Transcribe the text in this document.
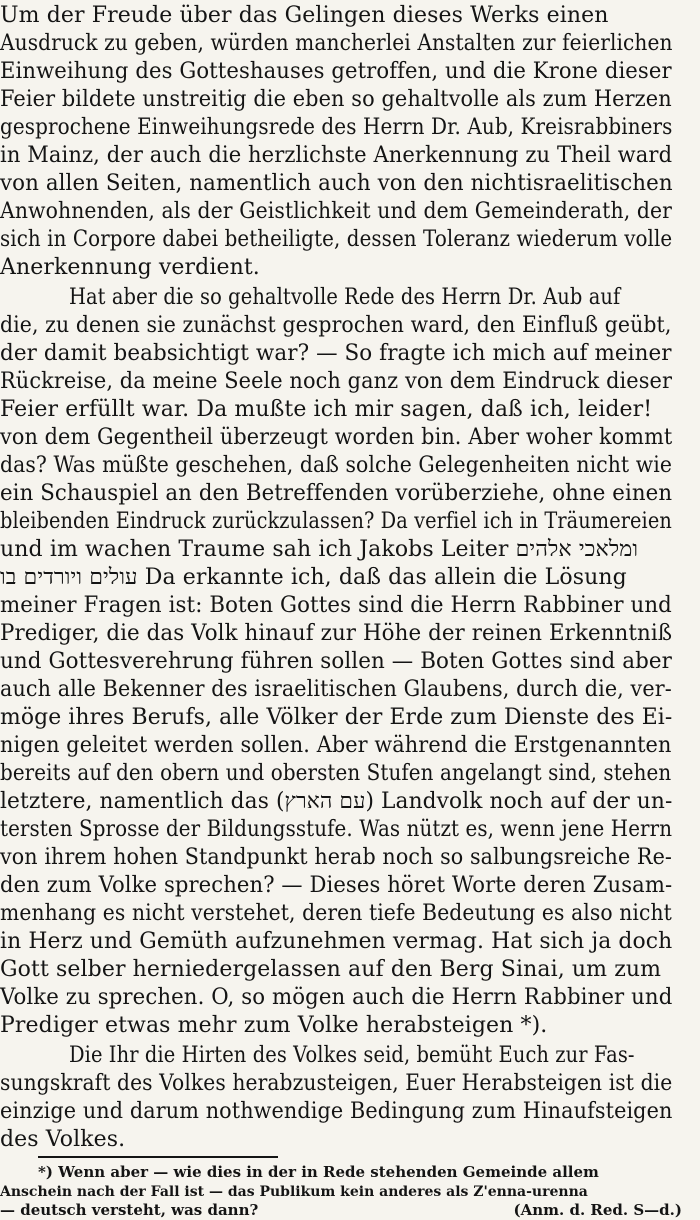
Um der Freude über das Gelingen dieses Werks einen
Ausdruck zu geben, würden mancherlei Anstalten zur feierlichen
Einweihung des Gotteshauses getroffen, und die Krone dieser
Feier bildete unstreitig die eben so gehaltvolle als zum Herzen
gesprochene Einweihungsrede des Herrn Dr. Aub, Kreisrabbiners
in Mainz, der auch die herzlichste Anerkennung zu Theil ward
von allen Seiten, namentlich auch von den nichtisraelitischen
Anwohnenden, als der Geistlichkeit und dem Gemeinderath, der
sich in Corpore dabei betheiligte, dessen Toleranz wiederum volle
Anerkennung verdient.
Hat aber die so gehaltvolle Rede des Herrn Dr. Aub auf
die, zu denen sie zunächst gesprochen ward, den Einfluß geübt,
der damit beabsichtigt war? — So fragte ich mich auf meiner
Rückreise, da meine Seele noch ganz von dem Eindruck dieser
Feier erfüllt war. Da mußte ich mir sagen, daß ich, leider!
von dem Gegentheil überzeugt worden bin. Aber woher kommt
das? Was müßte geschehen, daß solche Gelegenheiten nicht wie
ein Schauspiel an den Betreffenden vorüberziehe, ohne einen
bleibenden Eindruck zurückzulassen? Da verfiel ich in Träumereien
und im wachen Traume sah ich Jakobs Leiter ומלאכי אלהים
עולים ויורדים בו Da erkannte ich, daß das allein die Lösung
meiner Fragen ist: Boten Gottes sind die Herrn Rabbiner und
Prediger, die das Volk hinauf zur Höhe der reinen Erkenntniß
und Gottesverehrung führen sollen — Boten Gottes sind aber
auch alle Bekenner des israelitischen Glaubens, durch die, ver-
möge ihres Berufs, alle Völker der Erde zum Dienste des Ei-
nigen geleitet werden sollen. Aber während die Erstgenannten
bereits auf den obern und obersten Stufen angelangt sind, stehen
letztere, namentlich das (עם הארץ) Landvolk noch auf der un-
tersten Sprosse der Bildungsstufe. Was nützt es, wenn jene Herrn
von ihrem hohen Standpunkt herab noch so salbungsreiche Re-
den zum Volke sprechen? — Dieses höret Worte deren Zusam-
menhang es nicht verstehet, deren tiefe Bedeutung es also nicht
in Herz und Gemüth aufzunehmen vermag. Hat sich ja doch
Gott selber herniedergelassen auf den Berg Sinai, um zum
Volke zu sprechen. O, so mögen auch die Herrn Rabbiner und
Prediger etwas mehr zum Volke herabsteigen *).
Die Ihr die Hirten des Volkes seid, bemüht Euch zur Fas-
sungskraft des Volkes herabzusteigen, Euer Herabsteigen ist die
einzige und darum nothwendige Bedingung zum Hinaufsteigen
des Volkes.
*) Wenn aber — wie dies in der in Rede stehenden Gemeinde allem
Anschein nach der Fall ist — das Publikum kein anderes als Z'enna-urenna
— deutsch versteht, was dann?	(Anm. d. Red. S—d.)
